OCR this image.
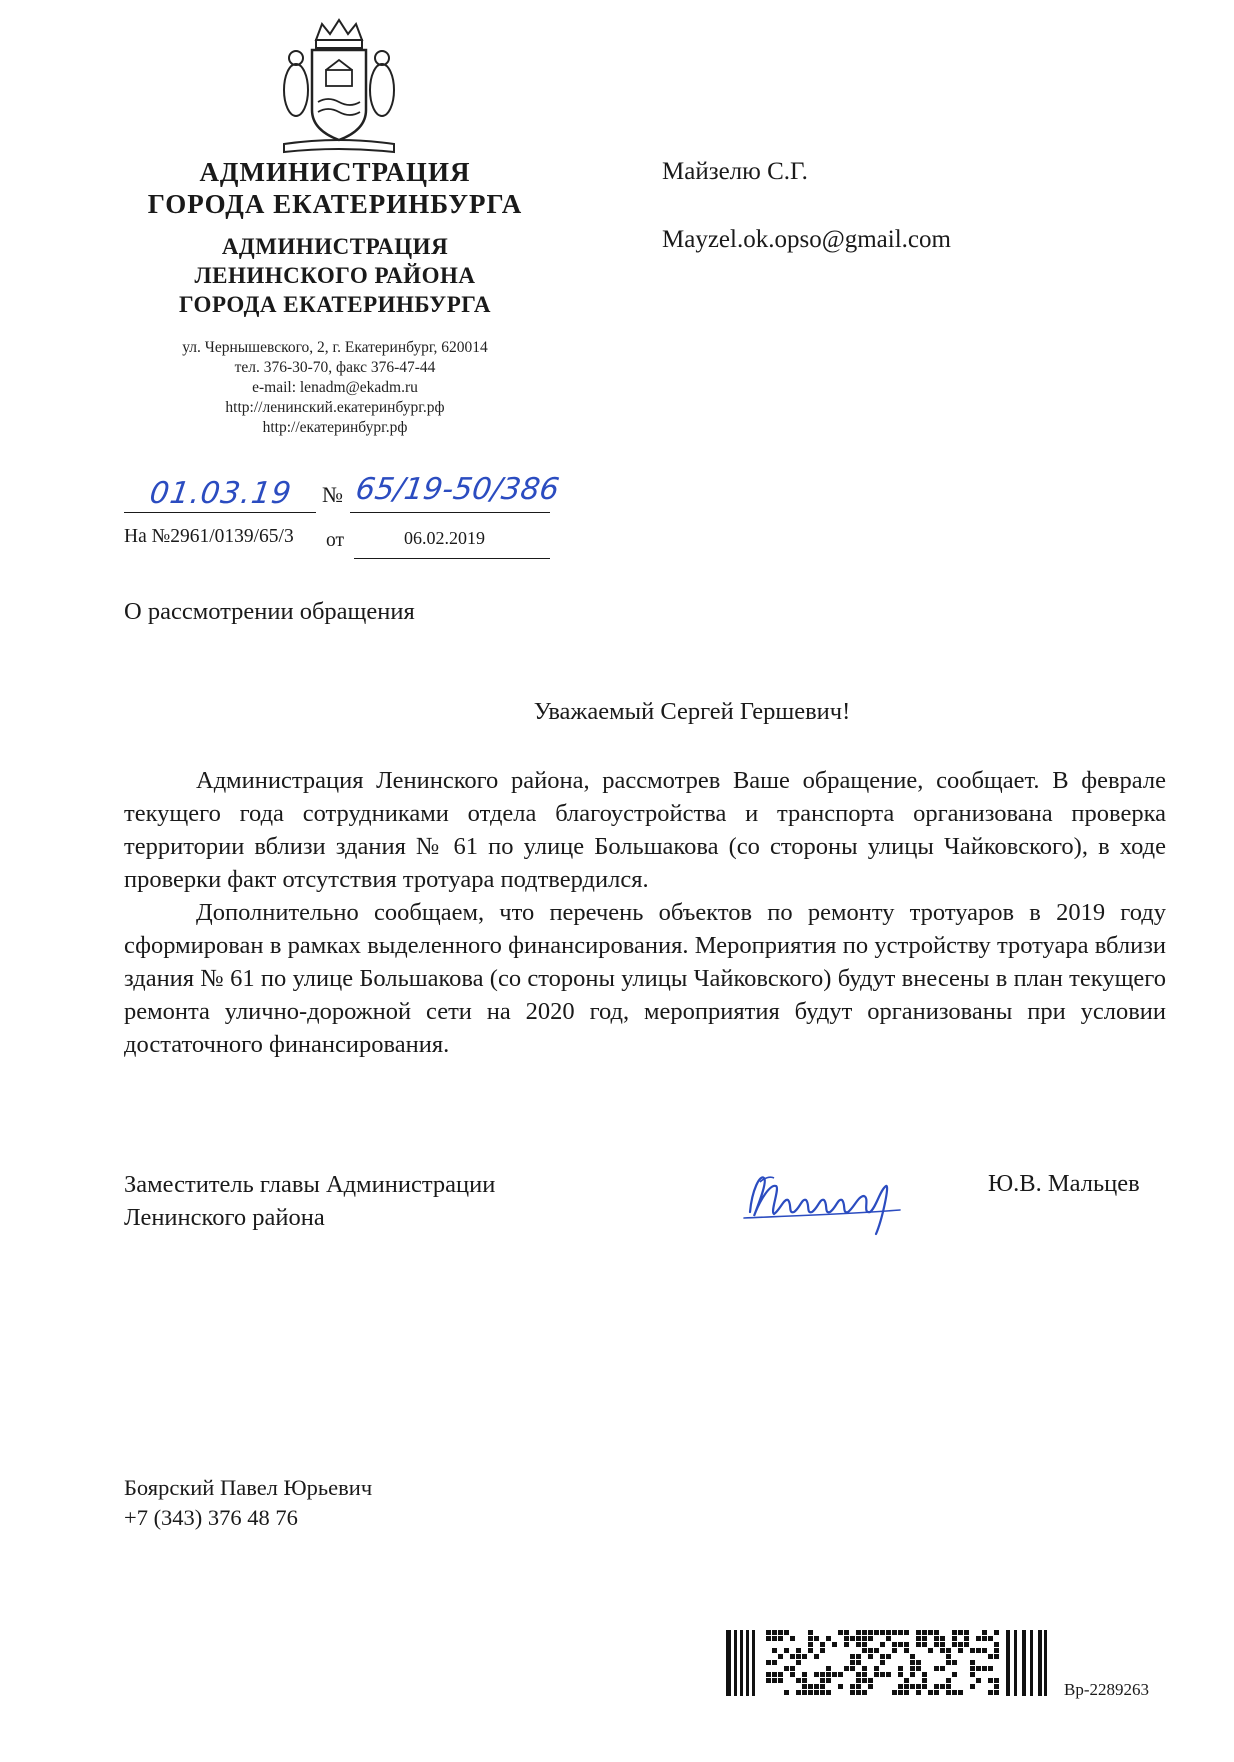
АДМИНИСТРАЦИЯ
ГОРОДА ЕКАТЕРИНБУРГА
АДМИНИСТРАЦИЯ
ЛЕНИНСКОГО РАЙОНА
ГОРОДА ЕКАТЕРИНБУРГА
ул. Чернышевского, 2, г. Екатеринбург, 620014
тел. 376-30-70, факс 376-47-44
e-mail: lenadm@ekadm.ru
http://ленинский.екатеринбург.рф
http://екатеринбург.рф
Майзелю С.Г.
Mayzel.ok.opso@gmail.com
01.03.19 № 65/19-50/386
На №2961/0139/65/3 от	06.02.2019
О рассмотрении обращения
Уважаемый Сергей Гершевич!

Администрация Ленинского района, рассмотрев Ваше обращение, сообщает. В феврале текущего года сотрудниками отдела благоустройства и транспорта организована проверка территории вблизи здания № 61 по улице Большакова (со стороны улицы Чайковского), в ходе проверки факт отсутствия тротуара подтвердился.

Дополнительно сообщаем, что перечень объектов по ремонту тротуаров в 2019 году сформирован в рамках выделенного финансирования. Мероприятия по устройству тротуара вблизи здания № 61 по улице Большакова (со стороны улицы Чайковского) будут внесены в план текущего ремонта улично-дорожной сети на 2020 год, мероприятия будут организованы при условии достаточного финансирования.

Заместитель главы Администрации
Ленинского района
Ю.В. Мальцев
Боярский Павел Юрьевич
+7 (343) 376 48 76
Вр-2289263
